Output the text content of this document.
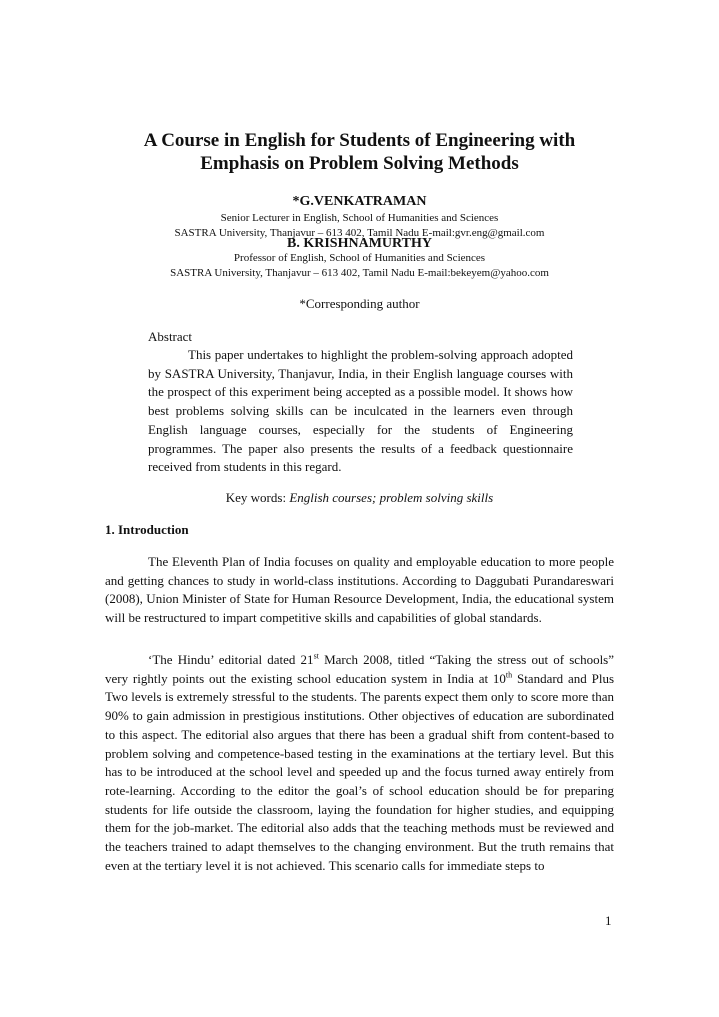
A Course in English for Students of Engineering with
Emphasis on Problem Solving Methods
*G.VENKATRAMAN
Senior Lecturer in English, School of Humanities and Sciences
SASTRA University, Thanjavur – 613 402, Tamil Nadu E-mail:gvr.eng@gmail.com
B. KRISHNAMURTHY
Professor of English, School of Humanities and Sciences
SASTRA University, Thanjavur – 613 402, Tamil Nadu E-mail:bekeyem@yahoo.com
*Corresponding author
Abstract
This paper undertakes to highlight the problem-solving approach adopted by SASTRA University, Thanjavur, India, in their English language courses with the prospect of this experiment being accepted as a possible model. It shows how best problems solving skills can be inculcated in the learners even through English language courses, especially for the students of Engineering programmes. The paper also presents the results of a feedback questionnaire received from students in this regard.
Key words: English courses; problem solving skills
1. Introduction
The Eleventh Plan of India focuses on quality and employable education to more people and getting chances to study in world-class institutions. According to Daggubati Purandareswari (2008), Union Minister of State for Human Resource Development, India, the educational system will be restructured to impart competitive skills and capabilities of global standards.
‘The Hindu’ editorial dated 21st March 2008, titled “Taking the stress out of schools” very rightly points out the existing school education system in India at 10th Standard and Plus Two levels is extremely stressful to the students. The parents expect them only to score more than 90% to gain admission in prestigious institutions. Other objectives of education are subordinated to this aspect. The editorial also argues that there has been a gradual shift from content-based to problem solving and competence-based testing in the examinations at the tertiary level. But this has to be introduced at the school level and speeded up and the focus turned away entirely from rote-learning. According to the editor the goal’s of school education should be for preparing students for life outside the classroom, laying the foundation for higher studies, and equipping them for the job-market. The editorial also adds that the teaching methods must be reviewed and the teachers trained to adapt themselves to the changing environment. But the truth remains that even at the tertiary level it is not achieved. This scenario calls for immediate steps to
1
